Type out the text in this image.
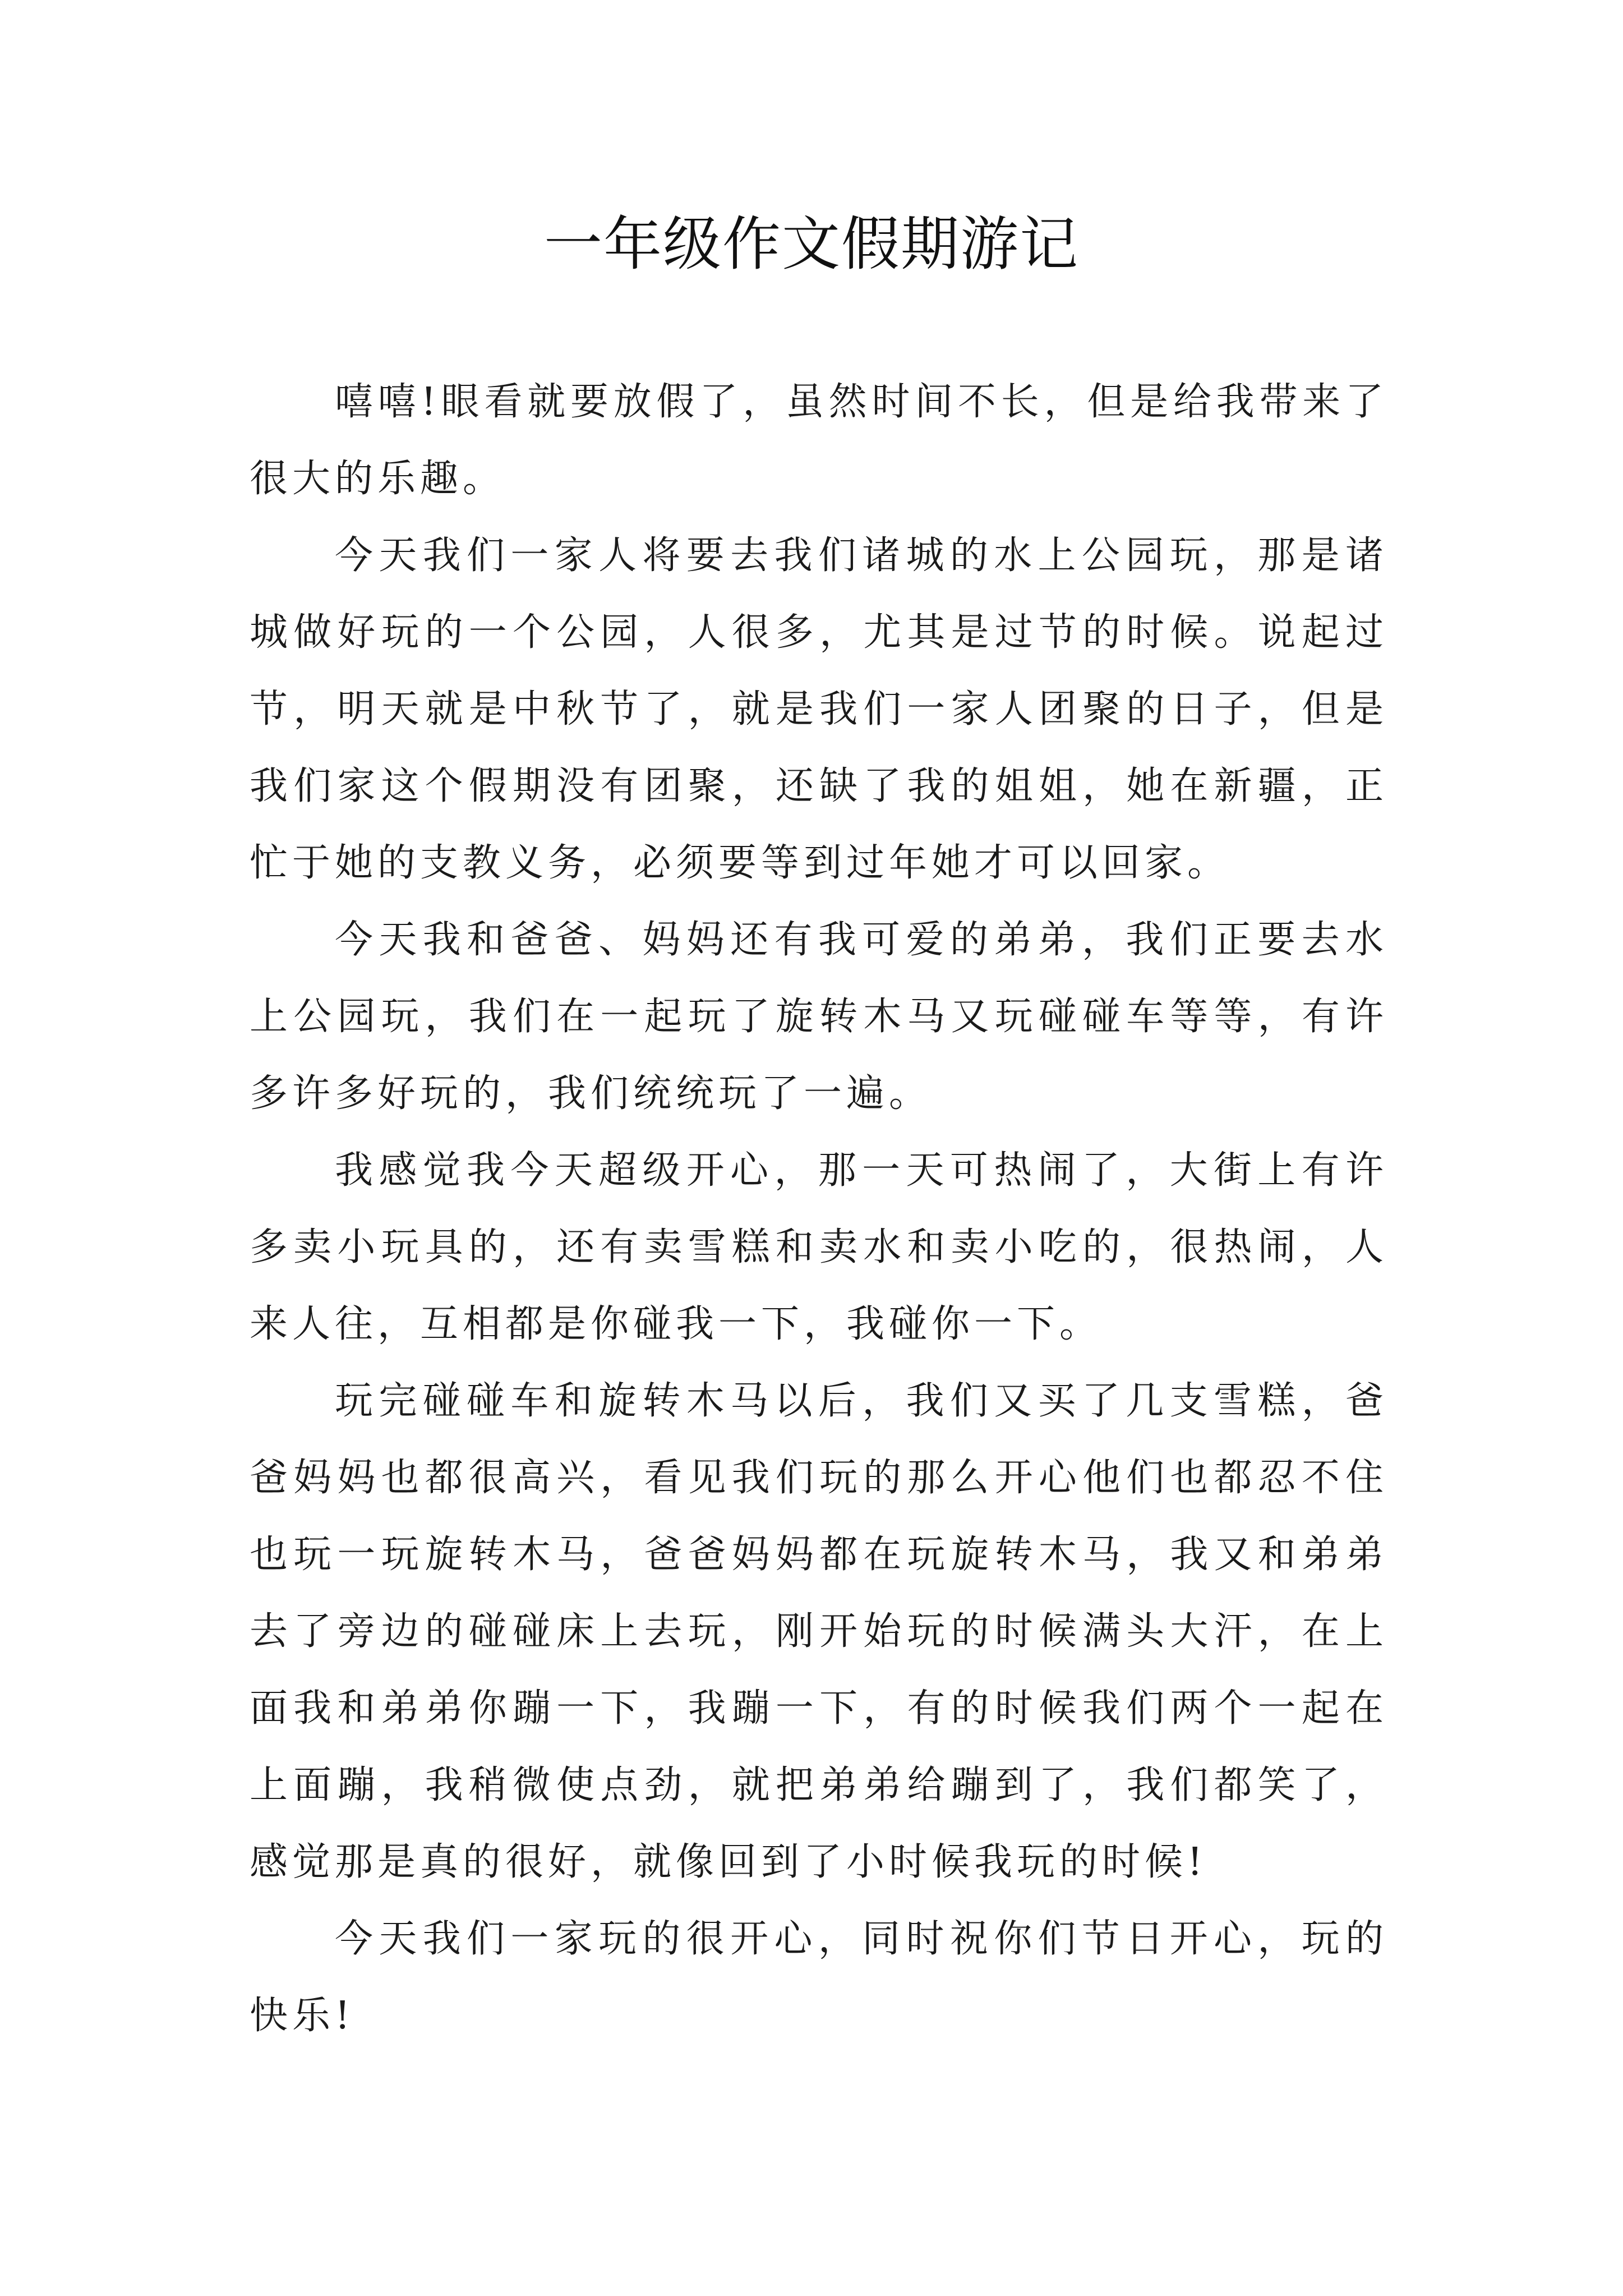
一年级作文假期游记

嘻嘻!眼看就要放假了，虽然时间不长，但是给我带来了很大的乐趣。

今天我们一家人将要去我们诸城的水上公园玩，那是诸城做好玩的一个公园，人很多，尤其是过节的时候。说起过节，明天就是中秋节了，就是我们一家人团聚的日子，但是我们家这个假期没有团聚，还缺了我的姐姐，她在新疆，正忙于她的支教义务，必须要等到过年她才可以回家。

今天我和爸爸、妈妈还有我可爱的弟弟，我们正要去水上公园玩，我们在一起玩了旋转木马又玩碰碰车等等，有许多许多好玩的，我们统统玩了一遍。

我感觉我今天超级开心，那一天可热闹了，大街上有许多卖小玩具的，还有卖雪糕和卖水和卖小吃的，很热闹，人来人往，互相都是你碰我一下，我碰你一下。

玩完碰碰车和旋转木马以后，我们又买了几支雪糕，爸爸妈妈也都很高兴，看见我们玩的那么开心他们也都忍不住也玩一玩旋转木马，爸爸妈妈都在玩旋转木马，我又和弟弟去了旁边的碰碰床上去玩，刚开始玩的时候满头大汗，在上面我和弟弟你蹦一下，我蹦一下，有的时候我们两个一起在上面蹦，我稍微使点劲，就把弟弟给蹦到了，我们都笑了，感觉那是真的很好，就像回到了小时候我玩的时候!

今天我们一家玩的很开心，同时祝你们节日开心，玩的快乐!
